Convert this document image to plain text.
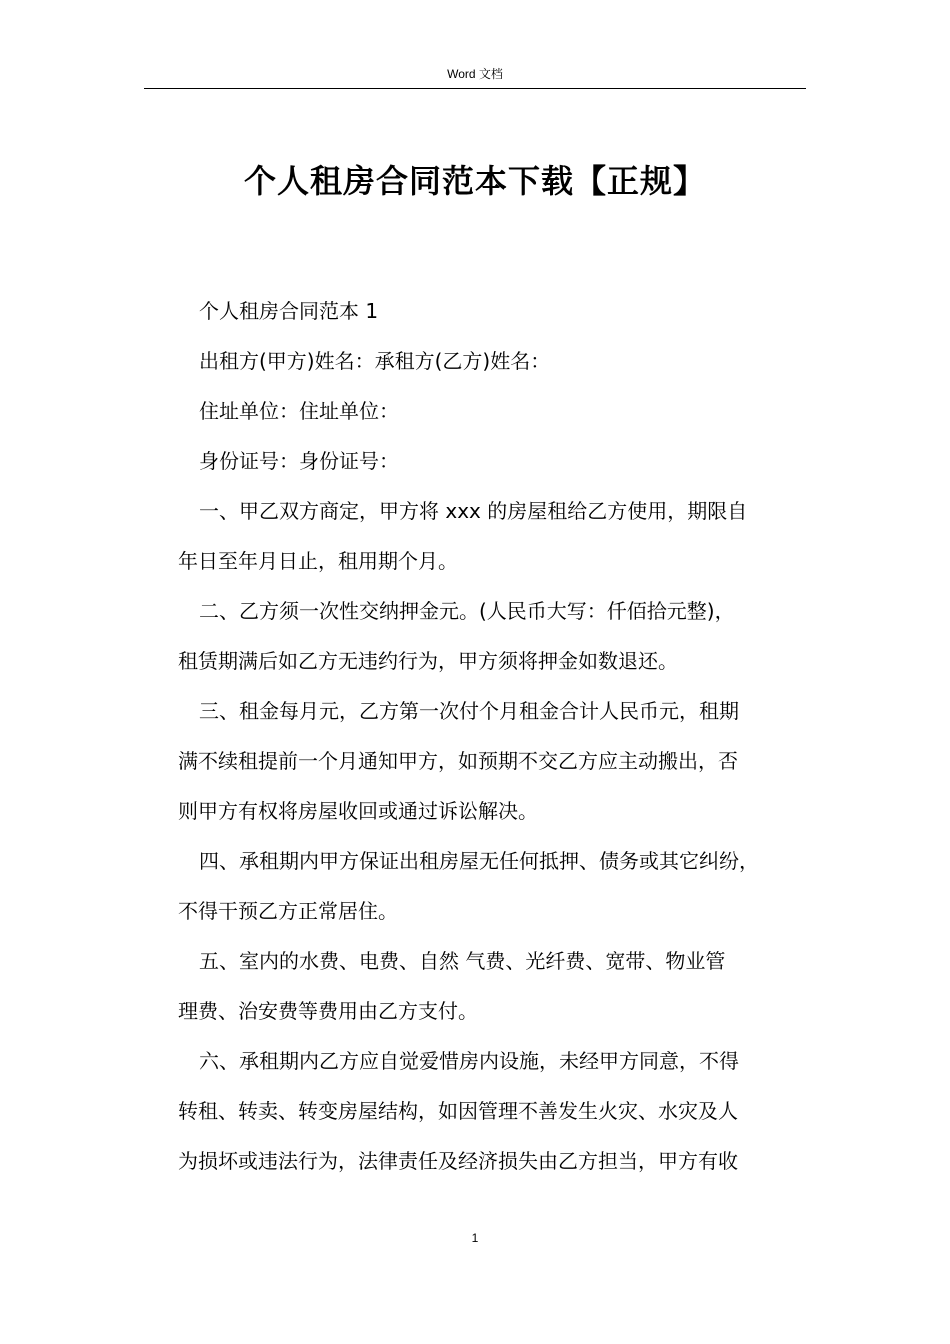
Word 文档
个人租房合同范本下载【正规】

个人租房合同范本 1

出租方(甲方)姓名：承租方(乙方)姓名：

住址单位：住址单位：

身份证号：身份证号：

一、甲乙双方商定，甲方将 xxx 的房屋租给乙方使用，期限自

年日至年月日止，租用期个月。

二、乙方须一次性交纳押金元。(人民币大写：仟佰拾元整)，

租赁期满后如乙方无违约行为，甲方须将押金如数退还。

三、租金每月元，乙方第一次付个月租金合计人民币元，租期

满不续租提前一个月通知甲方，如预期不交乙方应主动搬出，否

则甲方有权将房屋收回或通过诉讼解决。

四、承租期内甲方保证出租房屋无任何抵押、债务或其它纠纷，

不得干预乙方正常居住。

五、室内的水费、电费、自然 气费、光纤费、宽带、物业管

理费、治安费等费用由乙方支付。

六、承租期内乙方应自觉爱惜房内设施，未经甲方同意，不得

转租、转卖、转变房屋结构，如因管理不善发生火灾、水灾及人

为损坏或违法行为，法律责任及经济损失由乙方担当，甲方有收

1
